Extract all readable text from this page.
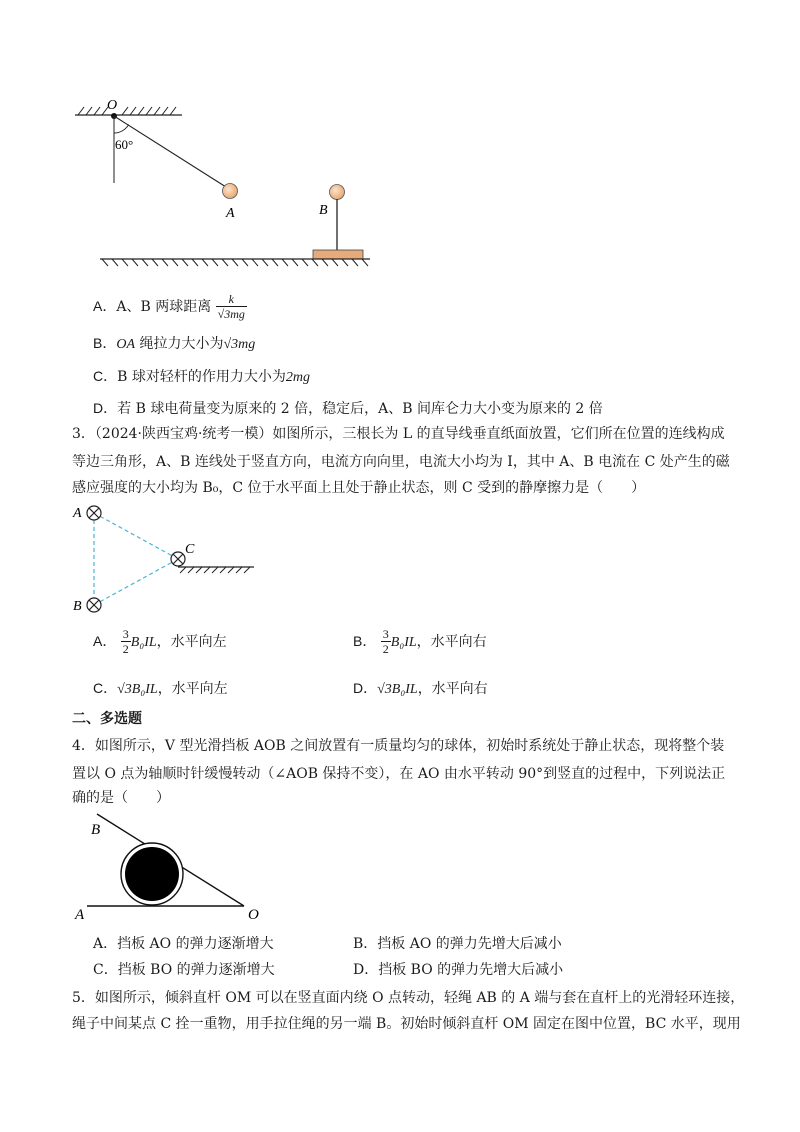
O
60°
A	B
A．A、B 两球距离 $\frac{k}{√3mg}$
B．OA 绳拉力大小为√3mg
C．B 球对轻杆的作用力大小为2mg
D．若 B 球电荷量变为原来的 2 倍，稳定后，A、B 间库仑力大小变为原来的 2 倍
3．（2024·陕西宝鸡·统考一模）如图所示，三根长为 L 的直导线垂直纸面放置，它们所在位置的连线构成
等边三角形，A、B 连线处于竖直方向，电流方向向里，电流大小均为 I，其中 A、B 电流在 C 处产生的磁
感应强度的大小均为 B₀，C 位于水平面上且处于静止状态，则 C 受到的静摩擦力是（　　）
A
B
C
A． $\frac{3}{2} B_0IL$，水平向左	B． $\frac{3}{2} B_0IL$，水平向右
C．√3B₀IL，水平向左	D．√3B₀IL，水平向右
二、多选题
4．如图所示，V 型光滑挡板 AOB 之间放置有一质量均匀的球体，初始时系统处于静止状态，现将整个装
置以 O 点为轴顺时针缓慢转动（∠AOB 保持不变），在 AO 由水平转动 90°到竖直的过程中，下列说法正
确的是（　　）
B
A	O
A．挡板 AO 的弹力逐渐增大	B．挡板 AO 的弹力先增大后减小
C．挡板 BO 的弹力逐渐增大	D．挡板 BO 的弹力先增大后减小
5．如图所示，倾斜直杆 OM 可以在竖直面内绕 O 点转动，轻绳 AB 的 A 端与套在直杆上的光滑轻环连接，
绳子中间某点 C 拴一重物，用手拉住绳的另一端 B。初始时倾斜直杆 OM 固定在图中位置，BC 水平，现用
